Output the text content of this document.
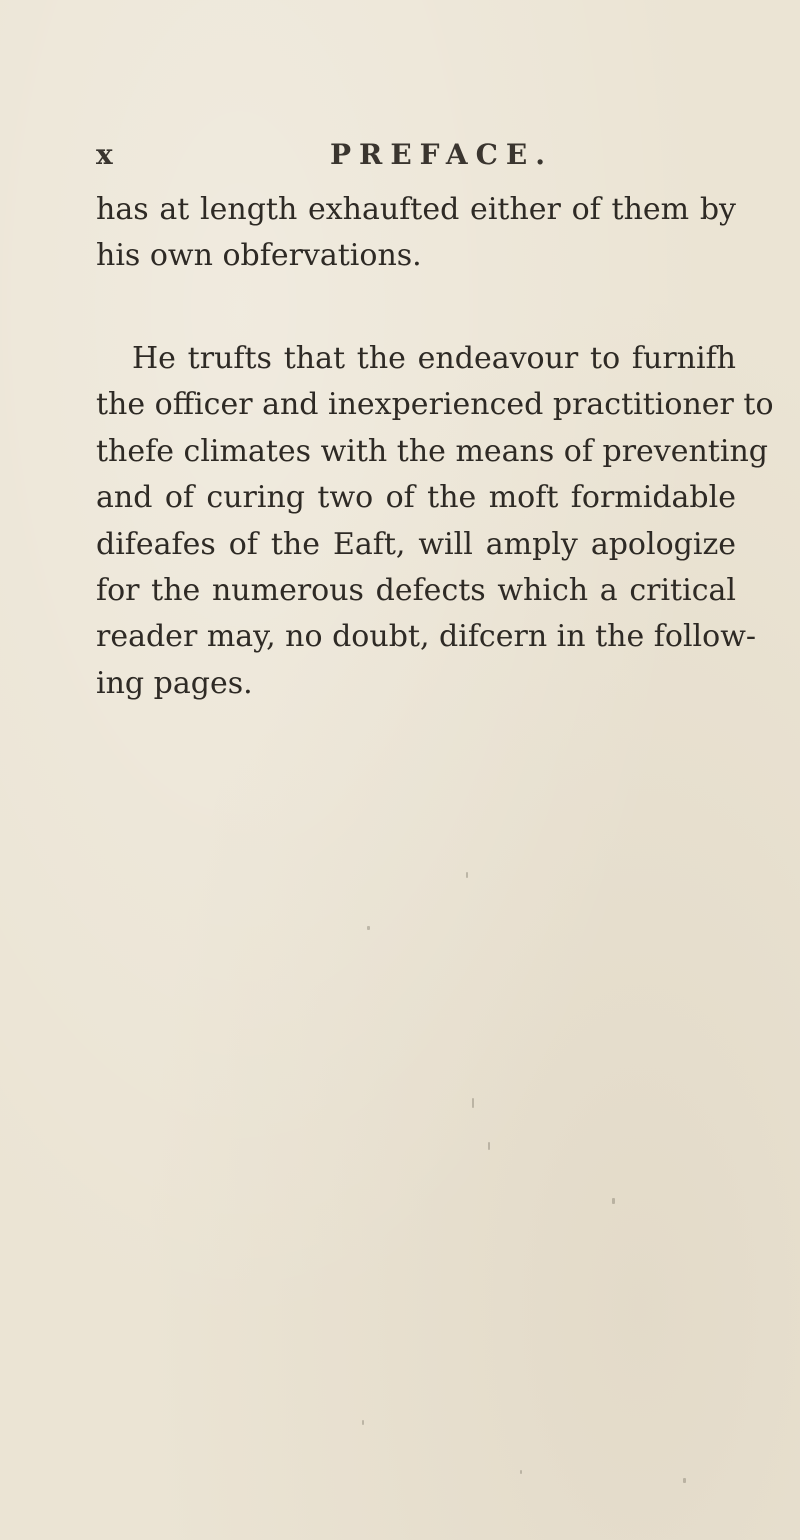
x	PREFACE.
has at length exhaufted either of them by
his own obfervations.
He trufts that the endeavour to furnifh
the officer and inexperienced practitioner to
thefe climates with the means of preventing
and of curing two of the moft formidable
difeafes of the Eaft, will amply apologize
for the numerous defects which a critical
reader may, no doubt, difcern in the follow-
ing pages.
